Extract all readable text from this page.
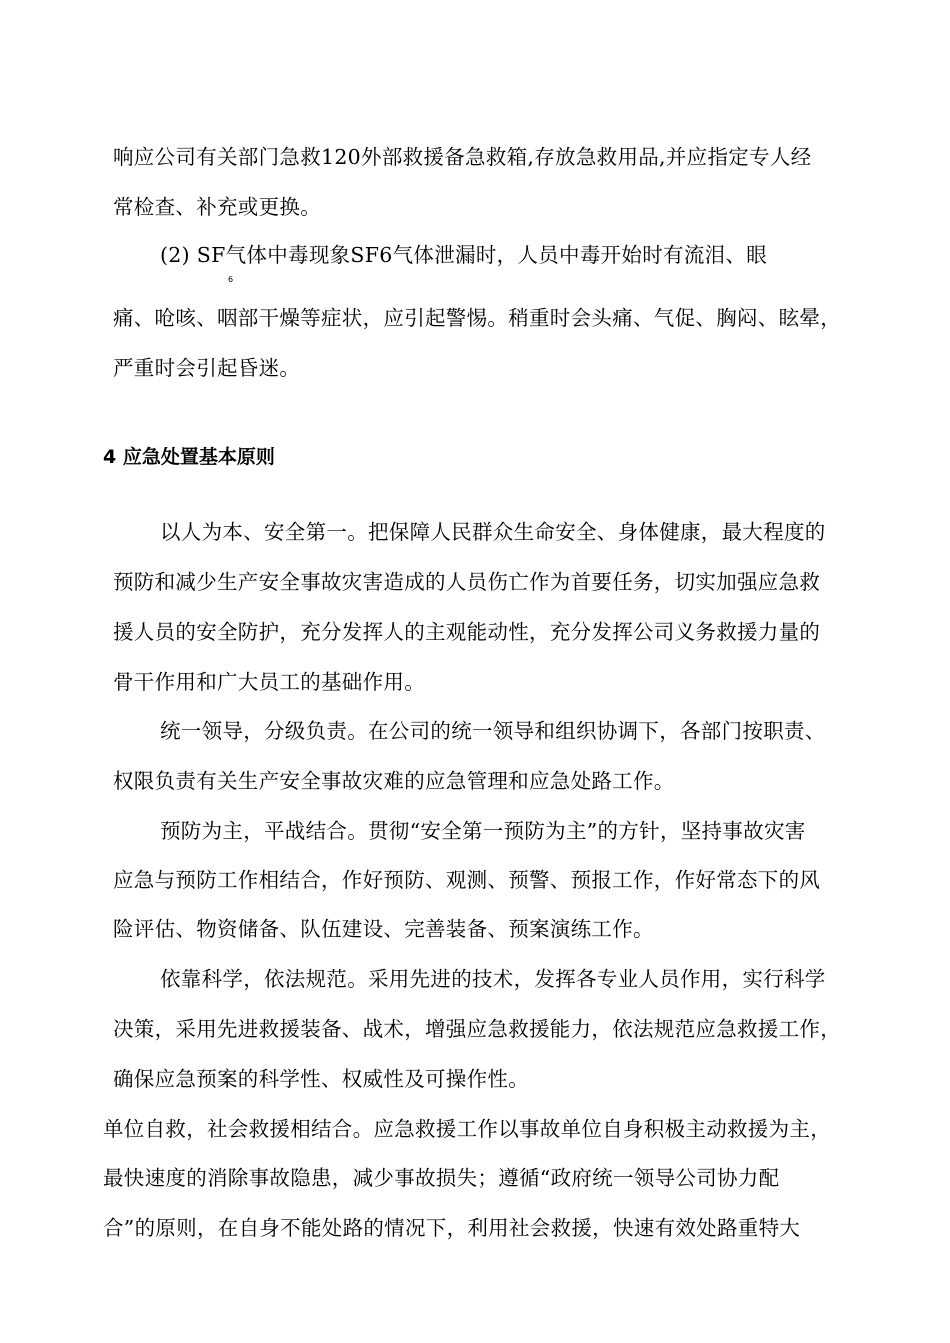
响应公司有关部门急救120外部救援备急救箱,存放急救用品,并应指定专人经
常检查、补充或更换。
(2) SF气体中毒现象SF6气体泄漏时，人员中毒开始时有流泪、眼
6
痛、呛咳、咽部干燥等症状，应引起警惕。稍重时会头痛、气促、胸闷、眩晕，
严重时会引起昏迷。
4 应急处置基本原则
以人为本、安全第一。把保障人民群众生命安全、身体健康，最大程度的
预防和减少生产安全事故灾害造成的人员伤亡作为首要任务，切实加强应急救
援人员的安全防护，充分发挥人的主观能动性，充分发挥公司义务救援力量的
骨干作用和广大员工的基础作用。
统一领导，分级负责。在公司的统一领导和组织协调下，各部门按职责、
权限负责有关生产安全事故灾难的应急管理和应急处路工作。
预防为主，平战结合。贯彻“安全第一预防为主”的方针，坚持事故灾害
应急与预防工作相结合，作好预防、观测、预警、预报工作，作好常态下的风
险评估、物资储备、队伍建设、完善装备、预案演练工作。
依靠科学，依法规范。采用先进的技术，发挥各专业人员作用，实行科学
决策，采用先进救援装备、战术，增强应急救援能力，依法规范应急救援工作，
确保应急预案的科学性、权威性及可操作性。
单位自救，社会救援相结合。应急救援工作以事故单位自身积极主动救援为主，
最快速度的消除事故隐患，减少事故损失；遵循“政府统一领导公司协力配
合”的原则，在自身不能处路的情况下，利用社会救援，快速有效处路重特大
